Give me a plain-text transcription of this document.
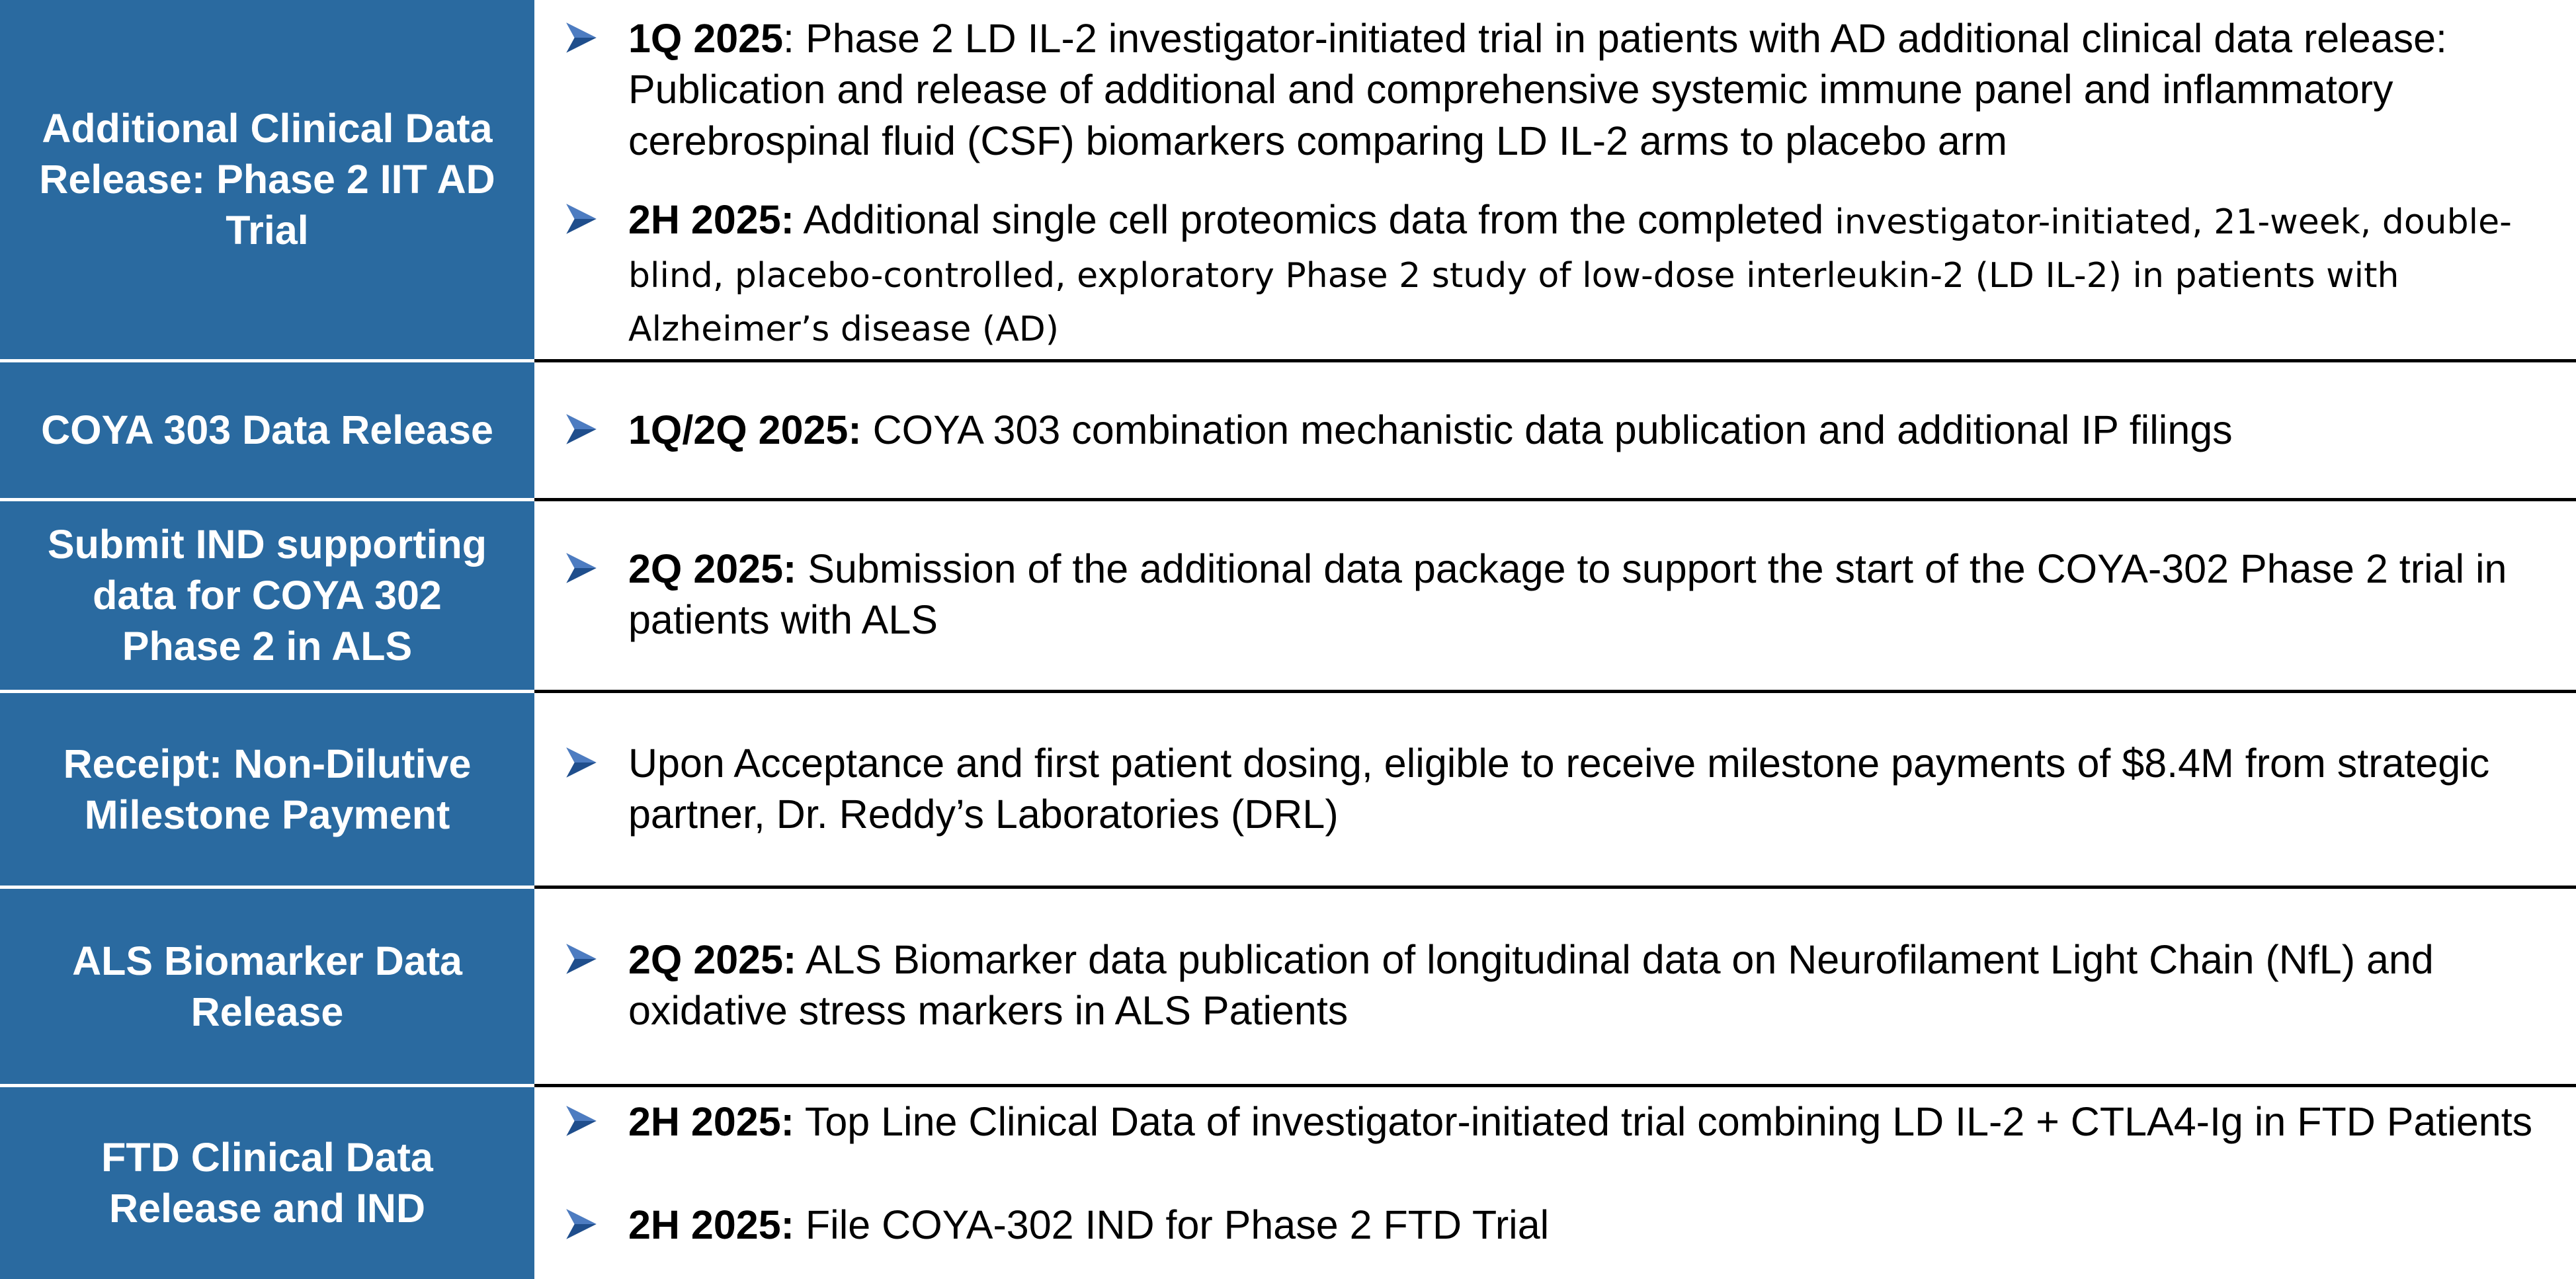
Additional Clinical Data
Release: Phase 2 IIT AD
Trial
1Q 2025: Phase 2 LD IL-2 investigator-initiated trial in patients with AD additional clinical data release: Publication and release of additional and comprehensive systemic immune panel and inflammatory cerebrospinal fluid (CSF) biomarkers comparing LD IL-2 arms to placebo arm
2H 2025: Additional single cell proteomics data from the completed investigator-initiated, 21-week, double-blind, placebo-controlled, exploratory Phase 2 study of low-dose interleukin-2 (LD IL-2) in patients with Alzheimer’s disease (AD)
COYA 303 Data Release	1Q/2Q 2025: COYA 303 combination mechanistic data publication and additional IP filings
Submit IND supporting
data for COYA 302
Phase 2 in ALS
2Q 2025: Submission of the additional data package to support the start of the COYA-302 Phase 2 trial in patients with ALS
Receipt: Non-Dilutive
Milestone Payment
Upon Acceptance and first patient dosing, eligible to receive milestone payments of $8.4M from strategic partner, Dr. Reddy’s Laboratories (DRL)
ALS Biomarker Data
Release
2Q 2025: ALS Biomarker data publication of longitudinal data on Neurofilament Light Chain (NfL) and oxidative stress markers in ALS Patients
FTD Clinical Data
Release and IND
2H 2025: Top Line Clinical Data of investigator-initiated trial combining LD IL-2 + CTLA4-Ig in FTD Patients
2H 2025: File COYA-302 IND for Phase 2 FTD Trial
